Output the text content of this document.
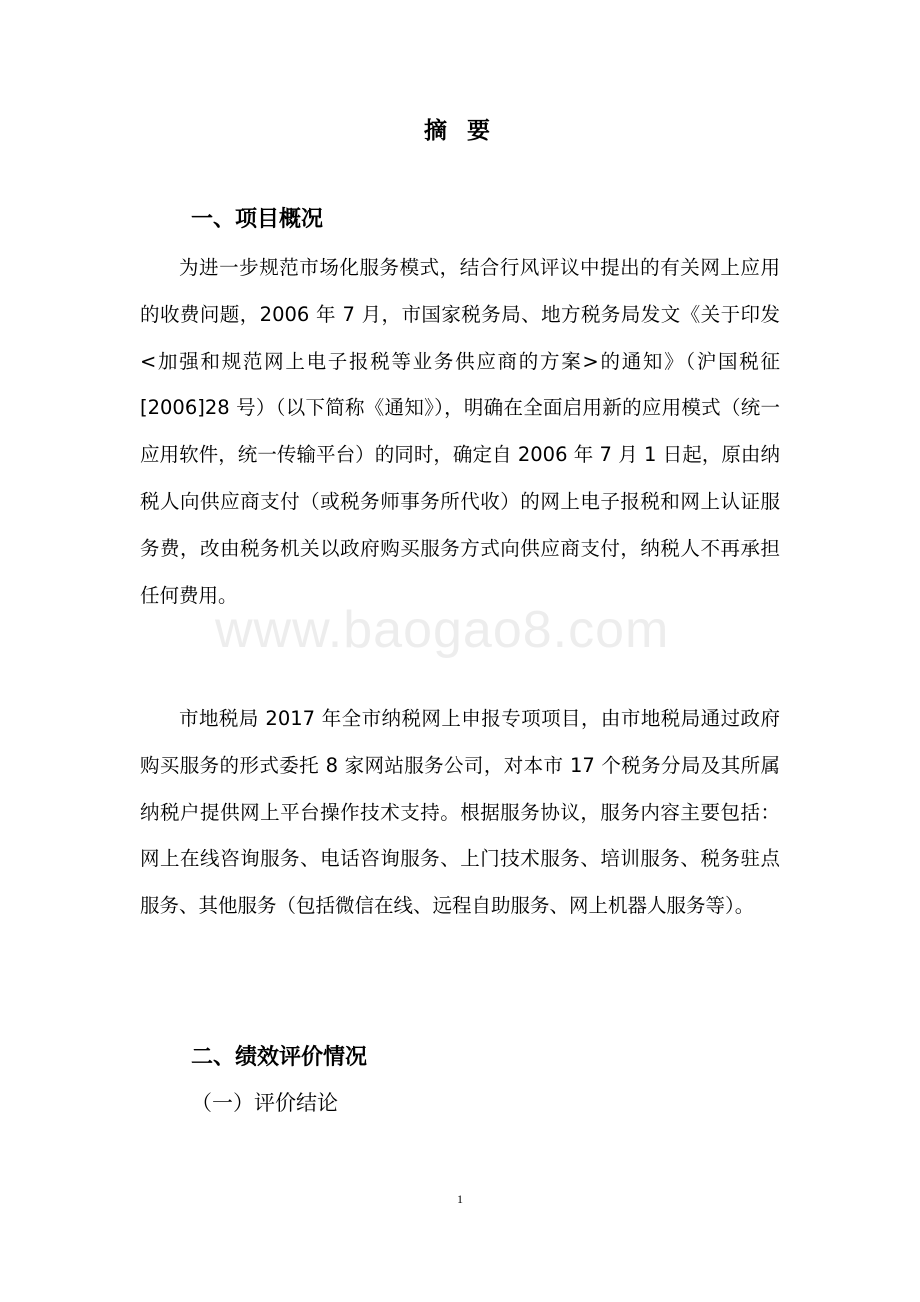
摘 要
一、项目概况

为进一步规范市场化服务模式，结合行风评议中提出的有关网上应用的收费问题，2006 年 7 月，市国家税务局、地方税务局发文《关于印发<加强和规范网上电子报税等业务供应商的方案>的通知》（沪国税征[2006]28 号）（以下简称《通知》），明确在全面启用新的应用模式（统一应用软件，统一传输平台）的同时，确定自 2006 年 7 月 1 日起，原由纳税人向供应商支付（或税务师事务所代收）的网上电子报税和网上认证服务费，改由税务机关以政府购买服务方式向供应商支付，纳税人不再承担任何费用。

市地税局 2017 年全市纳税网上申报专项项目，由市地税局通过政府购买服务的形式委托 8 家网站服务公司，对本市 17 个税务分局及其所属纳税户提供网上平台操作技术支持。根据服务协议，服务内容主要包括：网上在线咨询服务、电话咨询服务、上门技术服务、培训服务、税务驻点服务、其他服务（包括微信在线、远程自助服务、网上机器人服务等）。

二、绩效评价情况
（一）评价结论
www.baogao8.com
1
